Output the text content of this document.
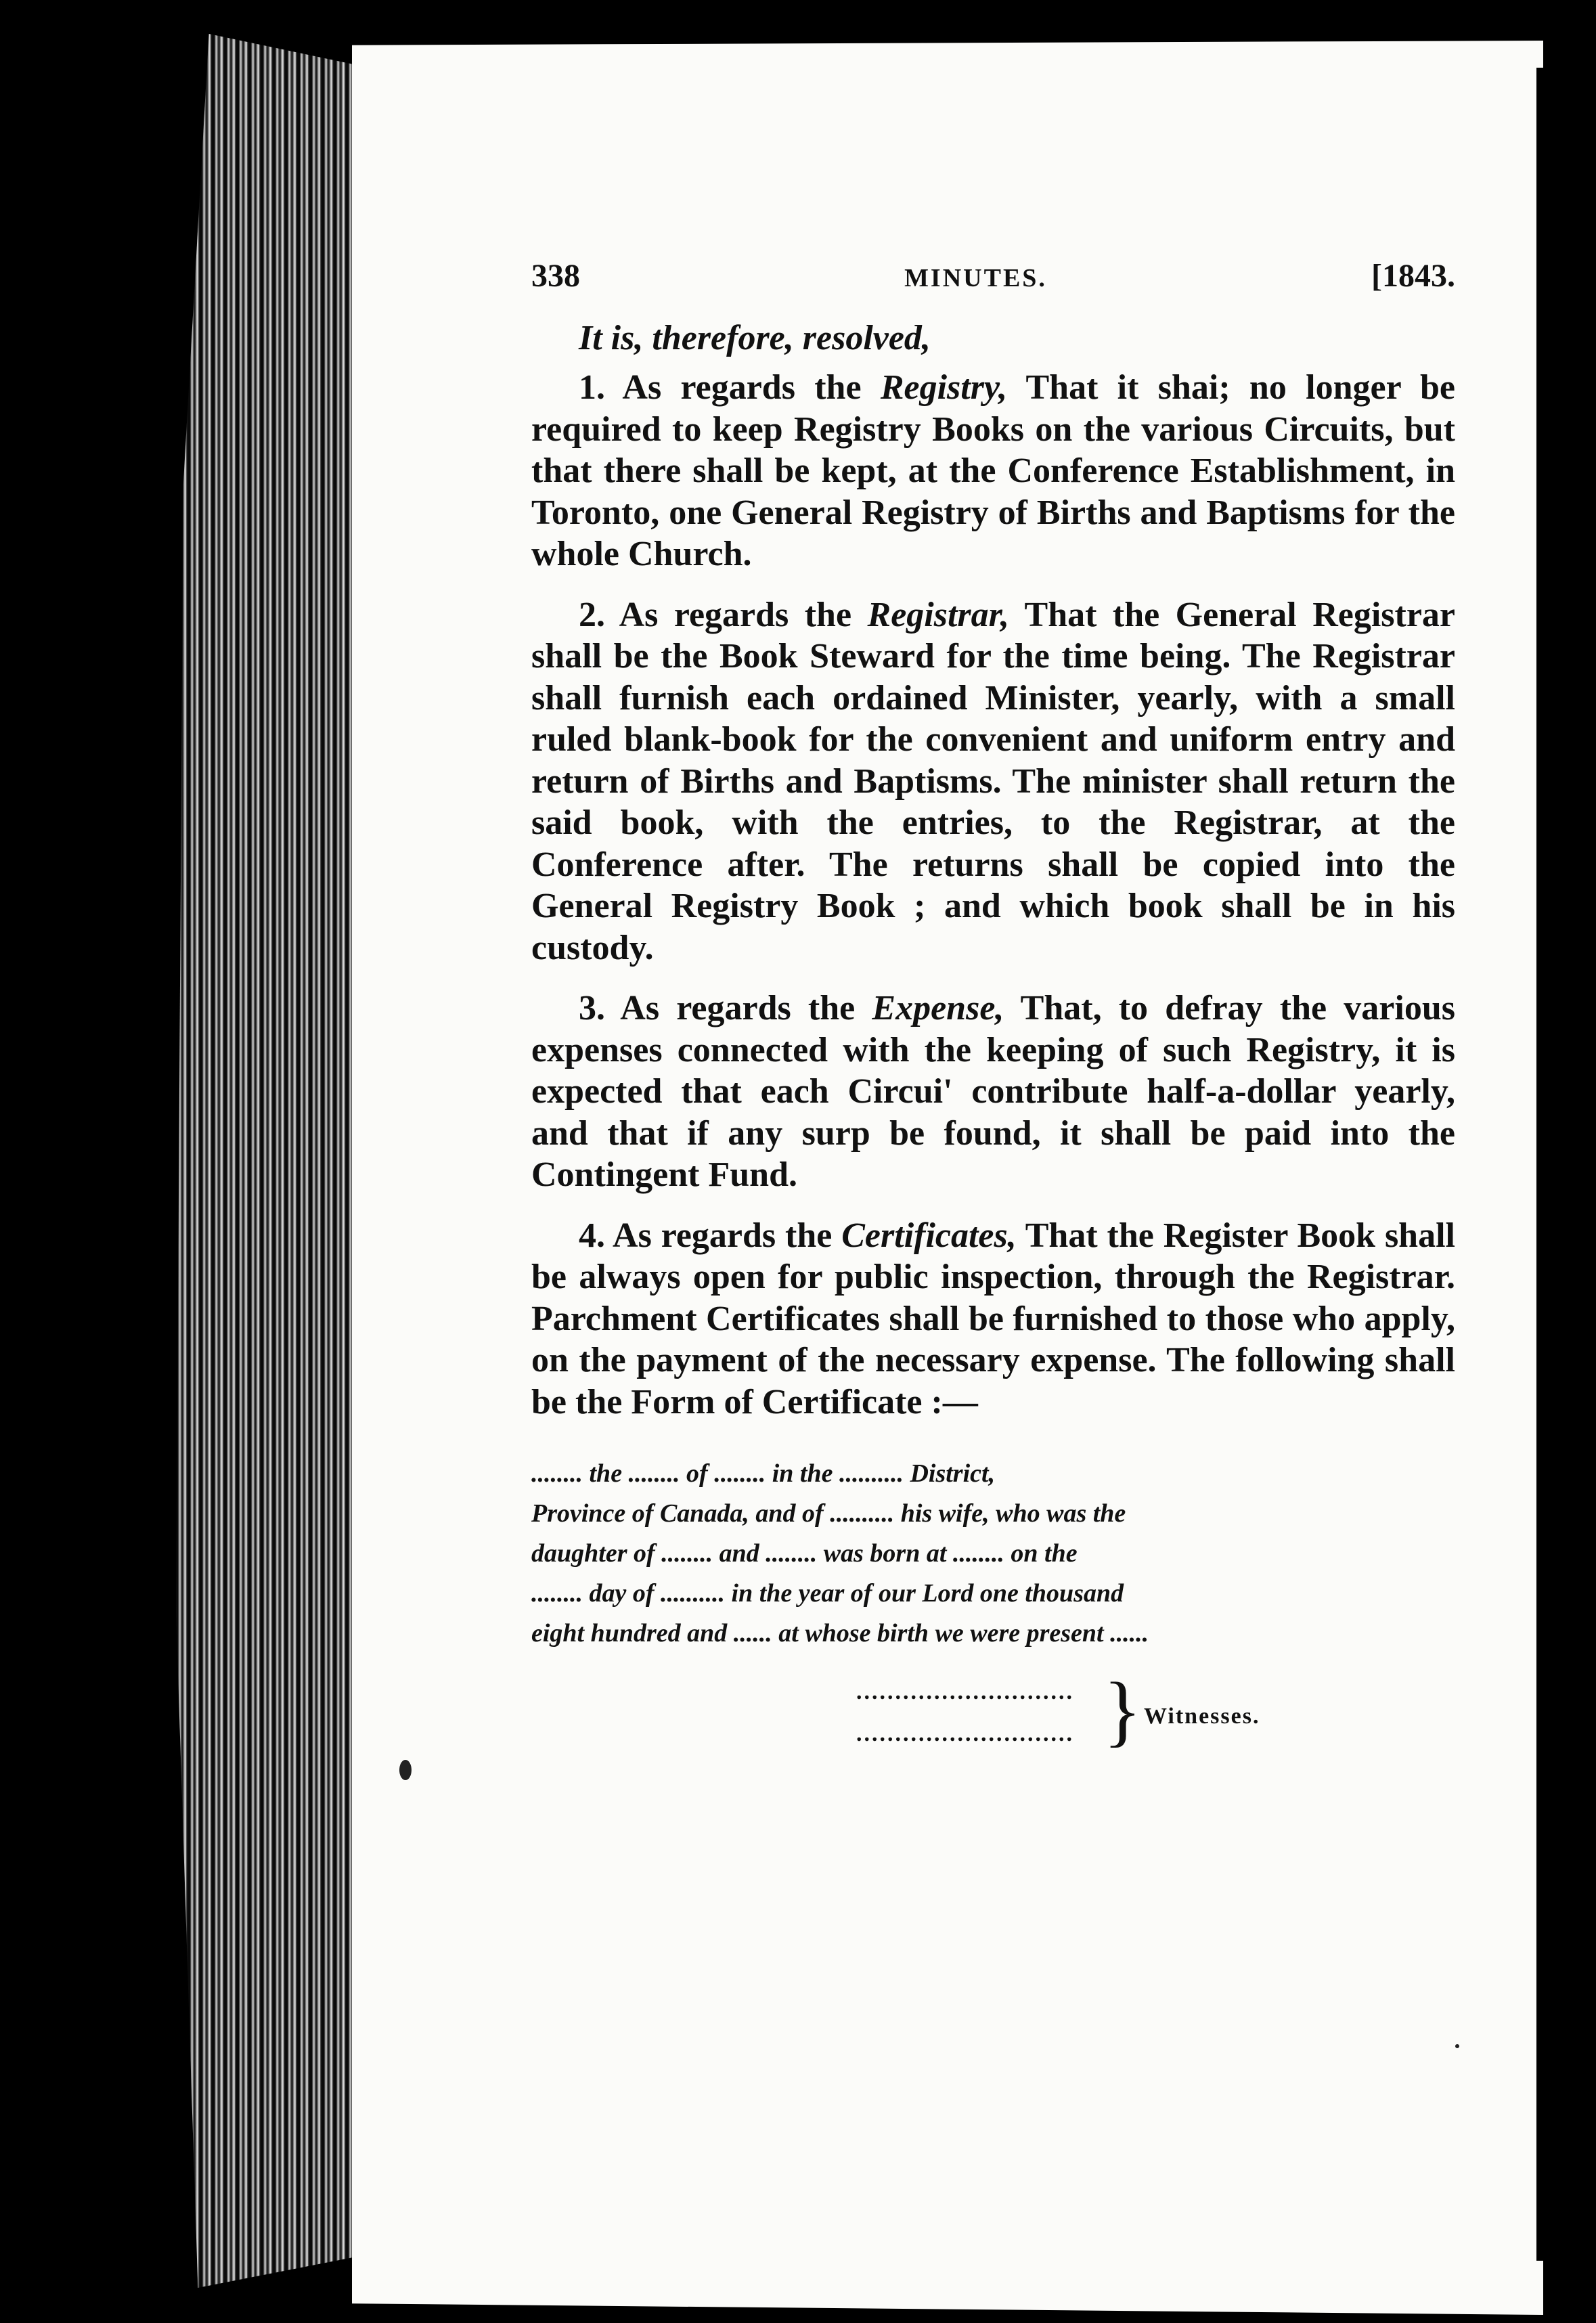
338	MINUTES.	[1843.
It is, therefore, resolved,

1. As regards the Registry, That it shai; no longer be required to keep Registry Books on the various Circuits, but that there shall be kept, at the Conference Establishment, in Toronto, one General Registry of Births and Baptisms for the whole Church.

2. As regards the Registrar, That the General Registrar shall be the Book Steward for the time being. The Registrar shall furnish each ordained Minister, yearly, with a small ruled blank-book for the convenient and uniform entry and return of Births and Baptisms. The minister shall return the said book, with the entries, to the Registrar, at the Conference after. The returns shall be copied into the General Registry Book ; and which book shall be in his custody.

3. As regards the Expense, That, to defray the various expenses connected with the keeping of such Registry, it is expected that each Circui' contribute half-a-dollar yearly, and that if any surp be found, it shall be paid into the Contingent Fund.

4. As regards the Certificates, That the Register Book shall be always open for public inspection, through the Registrar. Parchment Certificates shall be furnished to those who apply, on the payment of the necessary expense. The following shall be the Form of Certificate :—

........ the ........ of ........ in the .......... District,
Province of Canada, and of .......... his wife, who was the
daughter of ........ and ........ was born at ........ on the
........ day of .......... in the year of our Lord one thousand
eight hundred and ...... at whose birth we were present ......
............................
............................ } Witnesses.
